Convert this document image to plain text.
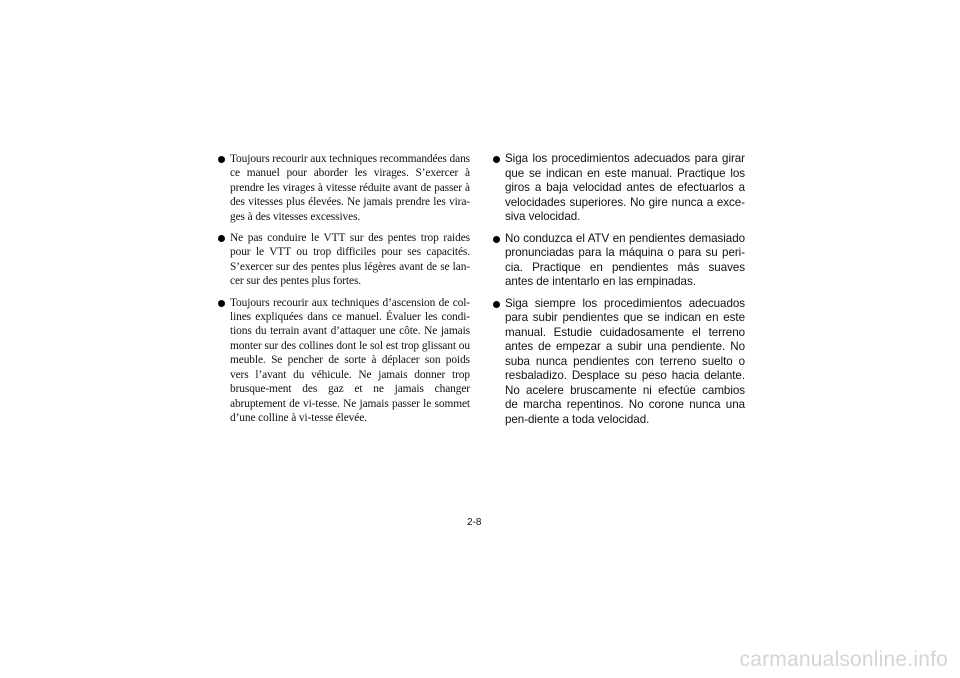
Toujours recourir aux techniques recommandées dans ce manuel pour aborder les virages. S’exercer à prendre les virages à vitesse réduite avant de passer à des vitesses plus élevées. Ne jamais prendre les vira-ges à des vitesses excessives.
Ne pas conduire le VTT sur des pentes trop raides pour le VTT ou trop difficiles pour ses capacités. S’exercer sur des pentes plus légères avant de se lan-cer sur des pentes plus fortes.
Toujours recourir aux techniques d’ascension de col-lines expliquées dans ce manuel. Évaluer les condi-tions du terrain avant d’attaquer une côte. Ne jamais monter sur des collines dont le sol est trop glissant ou meuble. Se pencher de sorte à déplacer son poids vers l’avant du véhicule. Ne jamais donner trop brusque-ment des gaz et ne jamais changer abruptement de vi-tesse. Ne jamais passer le sommet d’une colline à vi-tesse élevée.
Siga los procedimientos adecuados para girar que se indican en este manual. Practique los giros a baja velocidad antes de efectuarlos a velocidades superiores. No gire nunca a exce-siva velocidad.
No conduzca el ATV en pendientes demasiado pronunciadas para la máquina o para su peri-cia. Practique en pendientes más suaves antes de intentarlo en las empinadas.
Siga siempre los procedimientos adecuados para subir pendientes que se indican en este manual. Estudie cuidadosamente el terreno antes de empezar a subir una pendiente. No suba nunca pendientes con terreno suelto o resbaladizo. Desplace su peso hacia delante. No acelere bruscamente ni efectúe cambios de marcha repentinos. No corone nunca una pen-diente a toda velocidad.
2-8
carmanualsonline.info
